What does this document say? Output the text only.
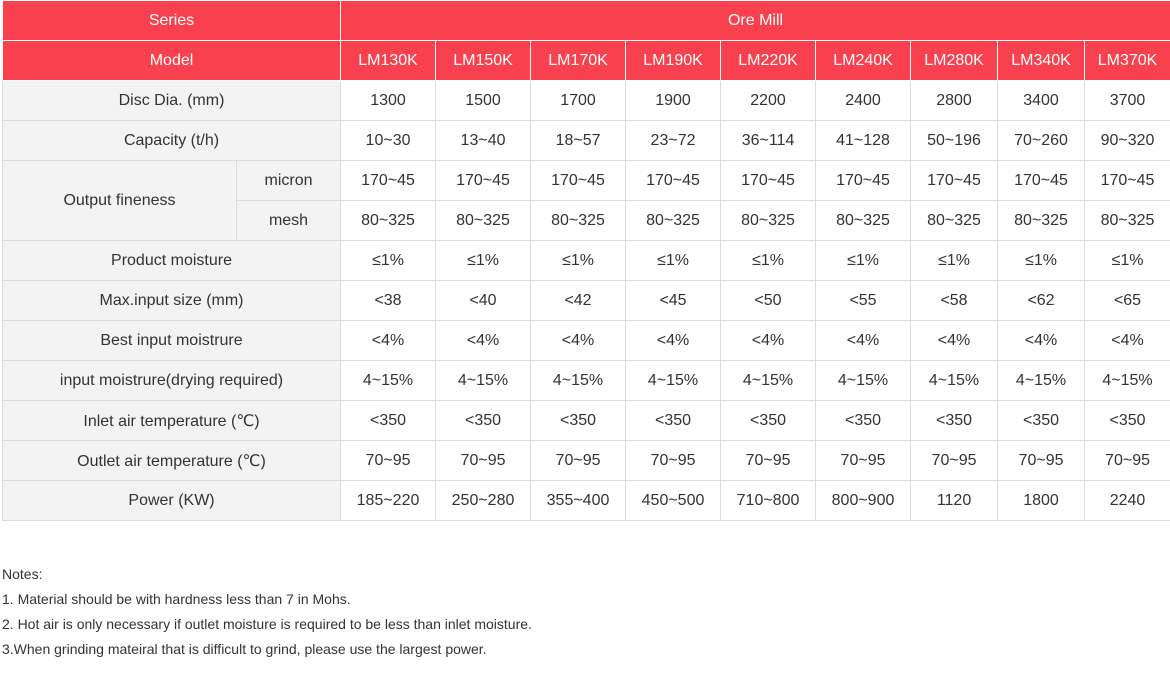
Series		Ore Mill								
Model		LM130K	LM150K	LM170K	LM190K	LM220K	LM240K	LM280K	LM340K	LM370K
Disc Dia. (mm)		1300	1500	1700	1900	2200	2400	2800	3400	3700
Capacity (t/h)		10~30	13~40	18~57	23~72	36~114	41~128	50~196	70~260	90~320
Output fineness	micron	170~45	170~45	170~45	170~45	170~45	170~45	170~45	170~45	170~45
	mesh	80~325	80~325	80~325	80~325	80~325	80~325	80~325	80~325	80~325
Product moisture		≤1%	≤1%	≤1%	≤1%	≤1%	≤1%	≤1%	≤1%	≤1%
Max.input size (mm)		<38	<40	<42	<45	<50	<55	<58	<62	<65
Best input moistrure		<4%	<4%	<4%	<4%	<4%	<4%	<4%	<4%	<4%
input moistrure(drying required)		4~15%	4~15%	4~15%	4~15%	4~15%	4~15%	4~15%	4~15%	4~15%
Inlet air temperature (℃)		<350	<350	<350	<350	<350	<350	<350	<350	<350
Outlet air temperature (℃)		70~95	70~95	70~95	70~95	70~95	70~95	70~95	70~95	70~95
Power (KW)		185~220	250~280	355~400	450~500	710~800	800~900	1120	1800	2240
Notes:
1. Material should be with hardness less than 7 in Mohs.
2. Hot air is only necessary if outlet moisture is required to be less than inlet moisture.
3.When grinding mateiral that is difficult to grind, please use the largest power.
